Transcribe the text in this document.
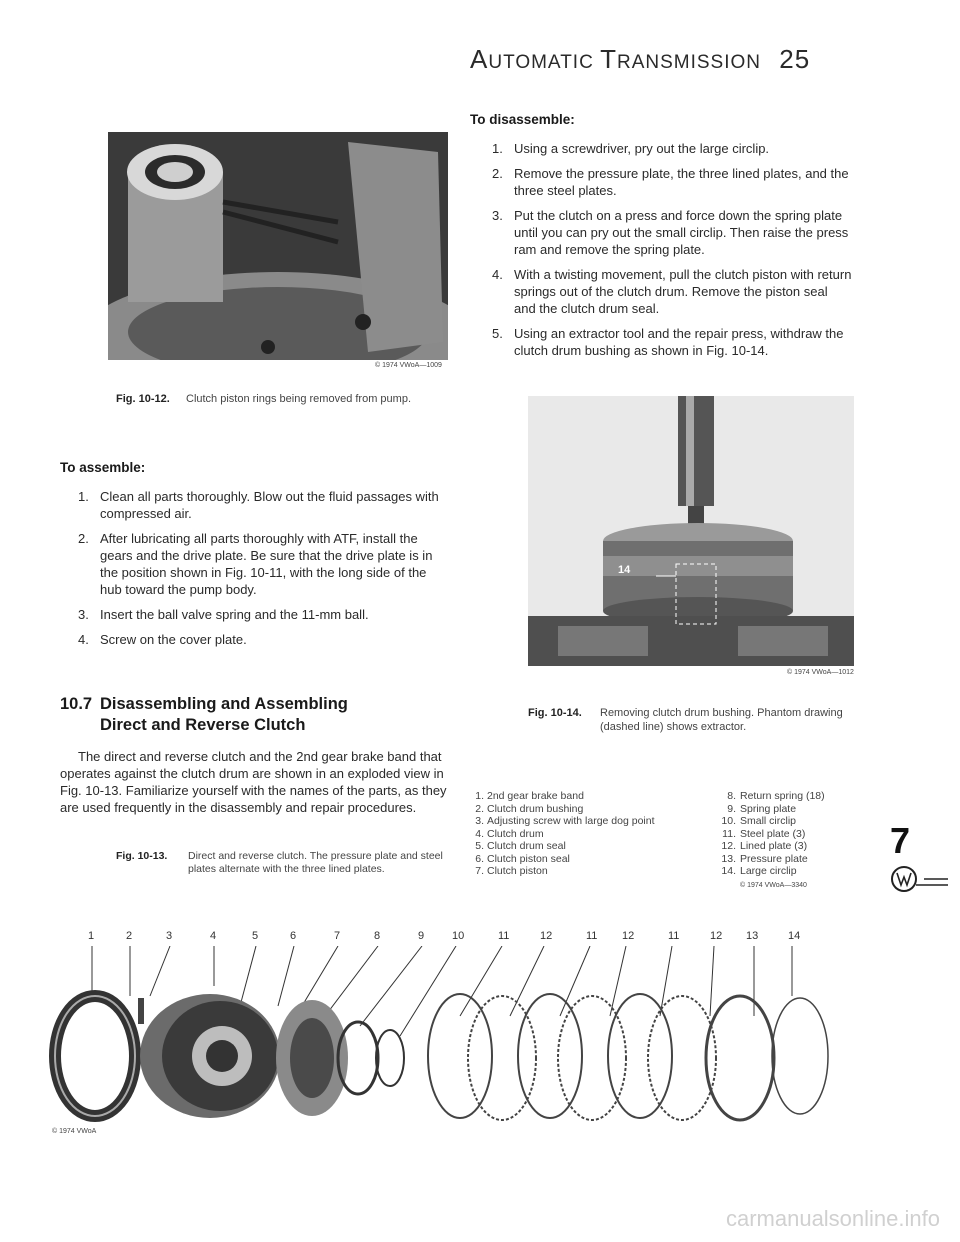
AUTOMATIC TRANSMISSION 25
© 1974 VWoA—1009
Fig. 10-12. Clutch piston rings being removed from pump.
To assemble:
1. Clean all parts thoroughly. Blow out the fluid passages with compressed air.
2. After lubricating all parts thoroughly with ATF, install the gears and the drive plate. Be sure that the drive plate is in the position shown in Fig. 10-11, with the long side of the hub toward the pump body.
3. Insert the ball valve spring and the 11-mm ball.
4. Screw on the cover plate.
10.7 Disassembling and Assembling
Direct and Reverse Clutch
The direct and reverse clutch and the 2nd gear brake band that operates against the clutch drum are shown in an exploded view in Fig. 10-13. Familiarize yourself with the names of the parts, as they are used frequently in the disassembly and repair procedures.
Fig. 10-13. Direct and reverse clutch. The pressure plate and steel plates alternate with the three lined plates.
To disassemble:
1. Using a screwdriver, pry out the large circlip.
2. Remove the pressure plate, the three lined plates, and the three steel plates.
3. Put the clutch on a press and force down the spring plate until you can pry out the small circlip. Then raise the press ram and remove the spring plate.
4. With a twisting movement, pull the clutch piston with return springs out of the clutch drum. Remove the piston seal and the clutch drum seal.
5. Using an extractor tool and the repair press, withdraw the clutch drum bushing as shown in Fig. 10-14.
14
© 1974 VWoA—1012
Fig. 10-14. Removing clutch drum bushing. Phantom drawing (dashed line) shows extractor.
1. 2nd gear brake band
2. Clutch drum bushing
3. Adjusting screw with large dog point
4. Clutch drum
5. Clutch drum seal
6. Clutch piston seal
7. Clutch piston
8. Return spring (18)
9. Spring plate
10. Small circlip
11. Steel plate (3)
12. Lined plate (3)
13. Pressure plate
14. Large circlip
© 1974 VWoA—3340
7
1	2	3	4	5	6	7	8	9	10	11	12	11 12	11	12 13	14
© 1974 VWoA
carmanualsonline.info
